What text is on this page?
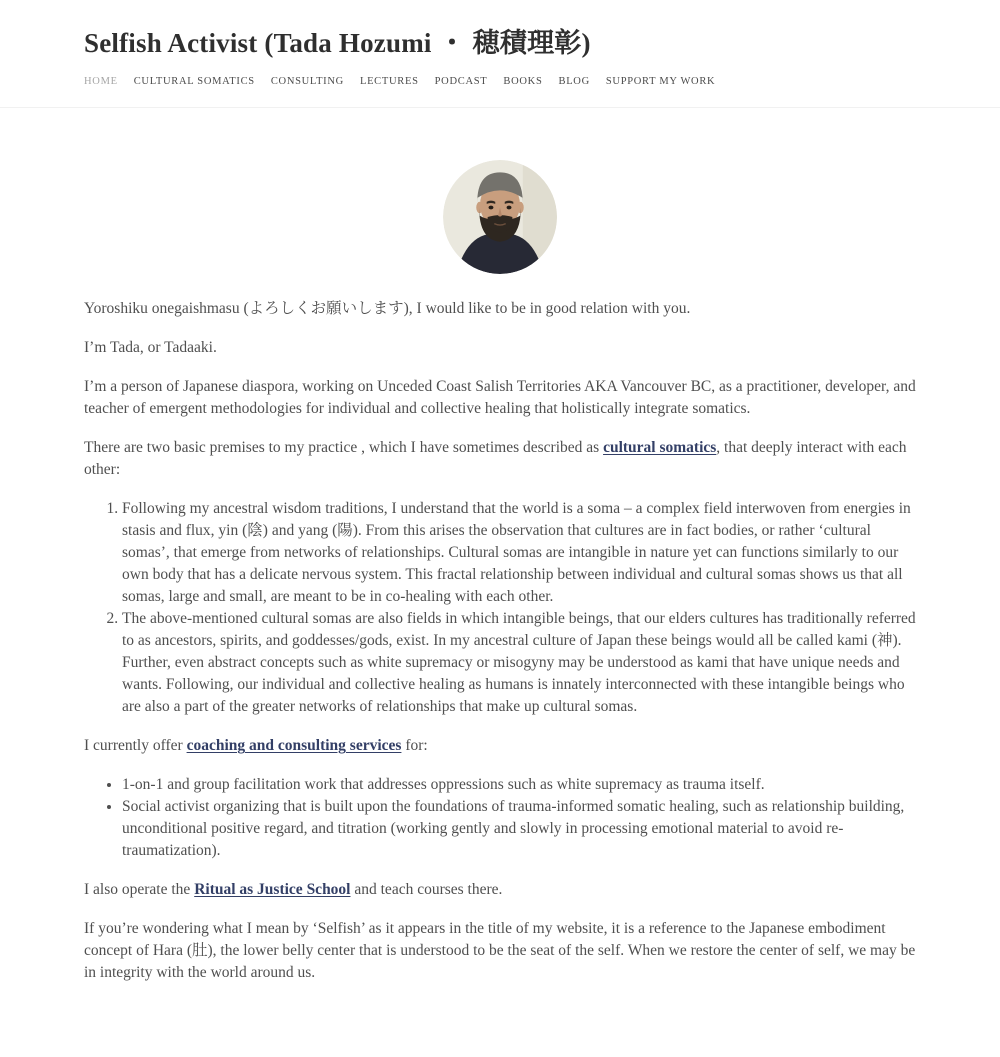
Selfish Activist (Tada Hozumi ・ 穂積理彰)
HOME CULTURAL SOMATICS CONSULTING LECTURES PODCAST BOOKS BLOG SUPPORT MY WORK

Yoroshiku onegaishmasu (よろしくお願いします), I would like to be in good relation with you.

I’m Tada, or Tadaaki.

I’m a person of Japanese diaspora, working on Unceded Coast Salish Territories AKA Vancouver BC, as a practitioner, developer, and teacher of emergent methodologies for individual and collective healing that holistically integrate somatics.

There are two basic premises to my practice , which I have sometimes described as cultural somatics, that deeply interact with each other:

1. Following my ancestral wisdom traditions, I understand that the world is a soma – a complex field interwoven from energies in stasis and flux, yin (陰) and yang (陽). From this arises the observation that cultures are in fact bodies, or rather ‘cultural somas’, that emerge from networks of relationships. Cultural somas are intangible in nature yet can functions similarly to our own body that has a delicate nervous system. This fractal relationship between individual and cultural somas shows us that all somas, large and small, are meant to be in co-healing with each other.
2. The above-mentioned cultural somas are also fields in which intangible beings, that our elders cultures has traditionally referred to as ancestors, spirits, and goddesses/gods, exist. In my ancestral culture of Japan these beings would all be called kami (神). Further, even abstract concepts such as white supremacy or misogyny may be understood as kami that have unique needs and wants. Following, our individual and collective healing as humans is innately interconnected with these intangible beings who are also a part of the greater networks of relationships that make up cultural somas.

I currently offer coaching and consulting services for:

• 1-on-1 and group facilitation work that addresses oppressions such as white supremacy as trauma itself.
• Social activist organizing that is built upon the foundations of trauma-informed somatic healing, such as relationship building, unconditional positive regard, and titration (working gently and slowly in processing emotional material to avoid re-traumatization).

I also operate the Ritual as Justice School and teach courses there.

If you’re wondering what I mean by ‘Selfish’ as it appears in the title of my website, it is a reference to the Japanese embodiment concept of Hara (肚), the lower belly center that is understood to be the seat of the self. When we restore the center of self, we may be in integrity with the world around us.
